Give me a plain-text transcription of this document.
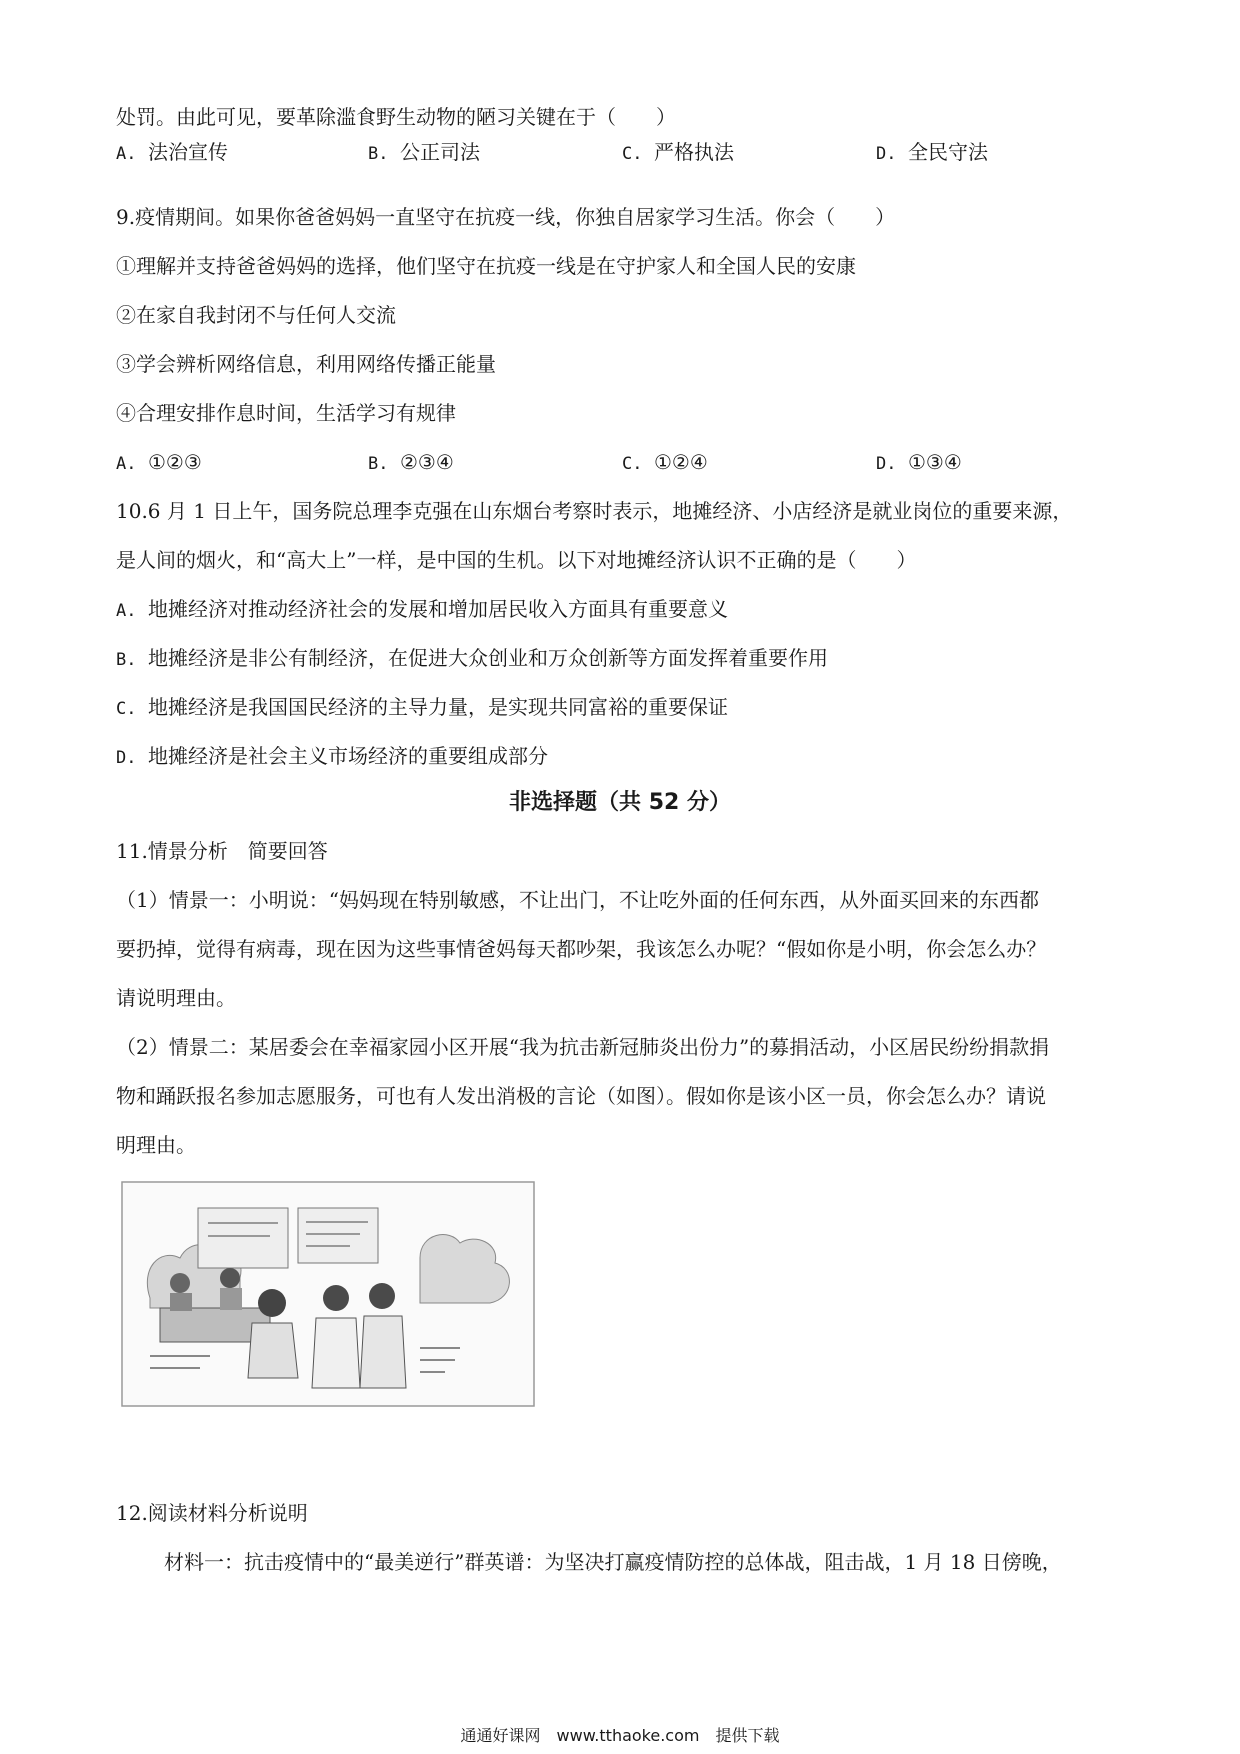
处罚。由此可见，要革除滥食野生动物的陋习关键在于（　　）
A. 法治宣传	B. 公正司法	C. 严格执法	D. 全民守法
9.疫情期间。如果你爸爸妈妈一直坚守在抗疫一线，你独自居家学习生活。你会（　　）
①理解并支持爸爸妈妈的选择，他们坚守在抗疫一线是在守护家人和全国人民的安康
②在家自我封闭不与任何人交流
③学会辨析网络信息，利用网络传播正能量
④合理安排作息时间，生活学习有规律
A. ①②③	B. ②③④	C. ①②④	D. ①③④
10.6 月 1 日上午，国务院总理李克强在山东烟台考察时表示，地摊经济、小店经济是就业岗位的重要来源，
是人间的烟火，和“高大上”一样，是中国的生机。以下对地摊经济认识不正确的是（　　）
A. 地摊经济对推动经济社会的发展和增加居民收入方面具有重要意义
B. 地摊经济是非公有制经济，在促进大众创业和万众创新等方面发挥着重要作用
C. 地摊经济是我国国民经济的主导力量，是实现共同富裕的重要保证
D. 地摊经济是社会主义市场经济的重要组成部分
非选择题（共 52 分）
11.情景分析　简要回答
（1）情景一：小明说：“妈妈现在特别敏感，不让出门，不让吃外面的任何东西，从外面买回来的东西都
要扔掉，觉得有病毒，现在因为这些事情爸妈每天都吵架，我该怎么办呢？“假如你是小明，你会怎么办？
请说明理由。
（2）情景二：某居委会在幸福家园小区开展“我为抗击新冠肺炎出份力”的募捐活动，小区居民纷纷捐款捐
物和踊跃报名参加志愿服务，可也有人发出消极的言论（如图）。假如你是该小区一员，你会怎么办？请说
明理由。
12.阅读材料分析说明
材料一：抗击疫情中的“最美逆行”群英谱：为坚决打赢疫情防控的总体战，阻击战，1 月 18 日傍晚，
通通好课网　www.tthaoke.com　提供下载
